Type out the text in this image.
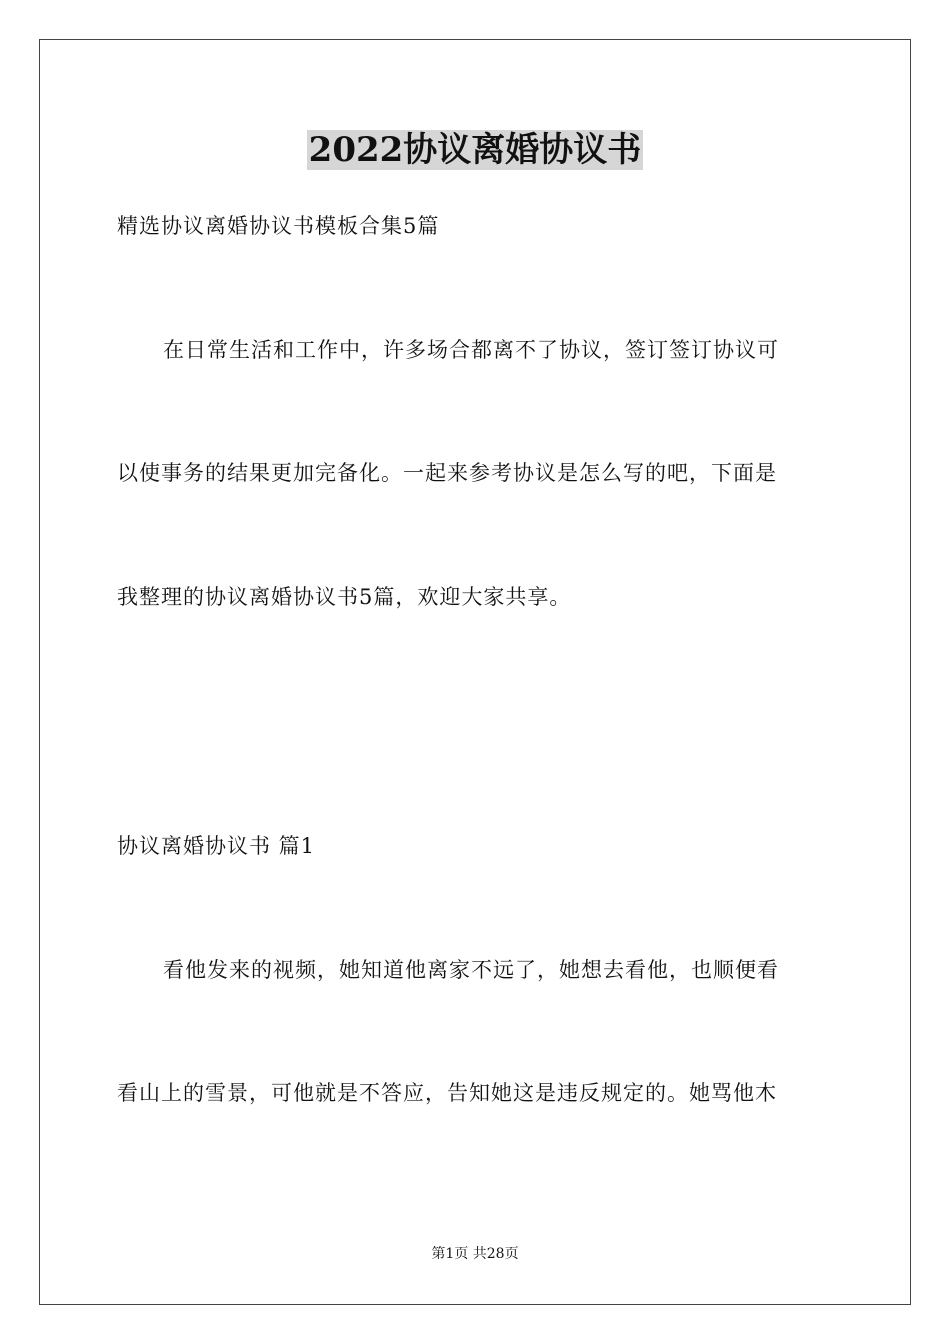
2022协议离婚协议书
精选协议离婚协议书模板合集5篇
在日常生活和工作中，许多场合都离不了协议，签订签订协议可
以使事务的结果更加完备化。一起来参考协议是怎么写的吧，下面是
我整理的协议离婚协议书5篇，欢迎大家共享。
协议离婚协议书 篇1
看他发来的视频，她知道他离家不远了，她想去看他，也顺便看
看山上的雪景，可他就是不答应，告知她这是违反规定的。她骂他木
第1页 共28页
